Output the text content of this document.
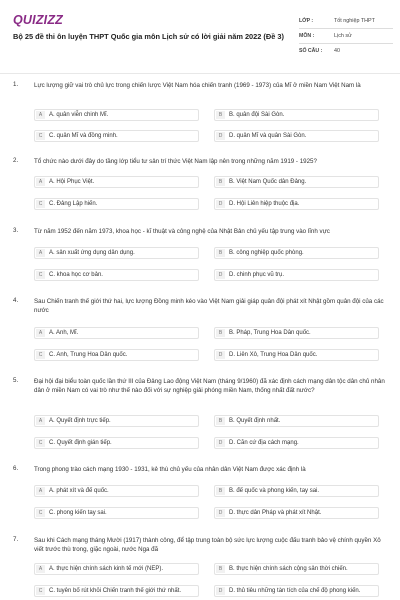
QUIZIZZ
Bộ 25 đề thi ôn luyện THPT Quốc gia môn Lịch sử có lời giải năm 2022 (Đề 3)
LỚP :	Tốt nghiệp THPT
MÔN :	Lịch sử
SỐ CÂU :	40
1.	Lực lượng giữ vai trò chủ lực trong chiến lược Việt Nam hóa chiến tranh (1969 - 1973) của Mĩ ở miền Nam Việt Nam là
A	A. quân viễn chinh Mĩ.	B	B. quân đội Sài Gòn.
C	C. quân Mĩ và đồng minh.	D	D. quân Mĩ và quân Sài Gòn.
2.	Tổ chức nào dưới đây do tầng lớp tiểu tư sản trí thức Việt Nam lập nên trong những năm 1919 - 1925?
A	A. Hội Phục Việt.	B	B. Việt Nam Quốc dân Đảng.
C	C. Đảng Lập hiến.	D	D. Hội Liên hiệp thuộc địa.
3.	Từ năm 1952 đến năm 1973, khoa học - kĩ thuật và công nghệ của Nhật Bản chủ yếu tập trung vào lĩnh vực
A	A. sản xuất ứng dụng dân dụng.	B	B. công nghiệp quốc phòng.
C	C. khoa học cơ bản.	D	D. chinh phục vũ trụ.
4.	Sau Chiến tranh thế giới thứ hai, lực lượng Đồng minh kéo vào Việt Nam giải giáp quân đội phát xít Nhật gồm quân đội của các nước
A	A. Anh, Mĩ.	B	B. Pháp, Trung Hoa Dân quốc.
C	C. Anh, Trung Hoa Dân quốc.	D	D. Liên Xô, Trung Hoa Dân quốc.
5.	Đại hội đại biểu toàn quốc lần thứ III của Đảng Lao động Việt Nam (tháng 9/1960) đã xác định cách mạng dân tộc dân chủ nhân dân ở miền Nam có vai trò như thế nào đối với sự nghiệp giải phóng miền Nam, thống nhất đất nước?
A	A. Quyết định trực tiếp.	B	B. Quyết định nhất.
C	C. Quyết định gián tiếp.	D	D. Căn cứ địa cách mạng.
6.	Trong phong trào cách mạng 1930 - 1931, kẻ thù chủ yếu của nhân dân Việt Nam được xác định là
A	A. phát xít và đế quốc.	B	B. đế quốc và phong kiến, tay sai.
C	C. phong kiến tay sai.	D	D. thực dân Pháp và phát xít Nhật.
7.	Sau khi Cách mạng tháng Mười (1917) thành công, để tập trung toàn bộ sức lực lượng cuộc đấu tranh bảo vệ chính quyền Xô viết trước thù trong, giặc ngoài, nước Nga đã
A	A. thực hiện chính sách kinh tế mới (NEP).	B	B. thực hiện chính sách cộng sản thời chiến.
C	C. tuyên bố rút khỏi Chiến tranh thế giới thứ nhất.	D	D. thủ tiêu những tàn tích của chế độ phong kiến.
